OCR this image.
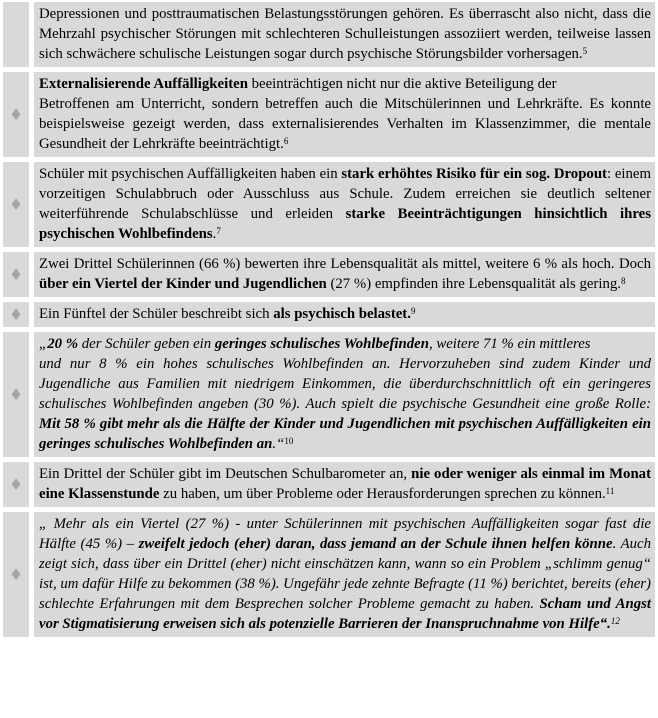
Depressionen und posttraumatischen Belastungsstörungen gehören. Es überrascht also nicht, dass die Mehrzahl psychischer Störungen mit schlechteren Schulleistungen assoziiert werden, teilweise lassen sich schwächere schulische Leistungen sogar durch psychische Störungsbilder vorhersagen.$^5$
♦
Externalisierende Auffälligkeiten beeinträchtigen nicht nur die aktive Beteiligung der
Betroffenen am Unterricht, sondern betreffen auch die Mitschülerinnen und Lehrkräfte. Es konnte beispielsweise gezeigt werden, dass externalisierendes Verhalten im Klassenzimmer, die mentale Gesundheit der Lehrkräfte beeinträchtigt.$^6$
♦
Schüler mit psychischen Auffälligkeiten haben ein stark erhöhtes Risiko für ein sog. Dropout: einem vorzeitigen Schulabbruch oder Ausschluss aus Schule. Zudem erreichen sie deutlich seltener weiterführende Schulabschlüsse und erleiden starke Beeinträchtigungen hinsichtlich ihres psychischen Wohlbefindens.$^7$
♦
Zwei Drittel Schülerinnen (66 %) bewerten ihre Lebensqualität als mittel, weitere 6 % als hoch. Doch über ein Viertel der Kinder und Jugendlichen (27 %) empfinden ihre Lebensqualität als gering.$^8$
♦	Ein Fünftel der Schüler beschreibt sich als psychisch belastet.$^9$
♦
„20 % der Schüler geben ein geringes schulisches Wohlbefinden, weitere 71 % ein mittleres
und nur 8 % ein hohes schulisches Wohlbefinden an. Hervorzuheben sind zudem Kinder und Jugendliche aus Familien mit niedrigem Einkommen, die überdurchschnittlich oft ein geringeres schulisches Wohlbefinden angeben (30 %). Auch spielt die psychische Gesundheit eine große Rolle: Mit 58 % gibt mehr als die Hälfte der Kinder und Jugendlichen mit psychischen Auffälligkeiten ein geringes schulisches Wohlbefinden an.“$^{10}$
♦
Ein Drittel der Schüler gibt im Deutschen Schulbarometer an, nie oder weniger als einmal im Monat eine Klassenstunde zu haben, um über Probleme oder Herausforderungen sprechen zu können.$^{11}$
♦
„ Mehr als ein Viertel (27 %) - unter Schülerinnen mit psychischen Auffälligkeiten sogar fast die Hälfte (45 %) – zweifelt jedoch (eher) daran, dass jemand an der Schule ihnen helfen könne. Auch zeigt sich, dass über ein Drittel (eher) nicht einschätzen kann, wann so ein Problem „schlimm genug“ ist, um dafür Hilfe zu bekommen (38 %). Ungefähr jede zehnte Befragte (11 %) berichtet, bereits (eher) schlechte Erfahrungen mit dem Besprechen solcher Probleme gemacht zu haben. Scham und Angst vor Stigmatisierung erweisen sich als potenzielle Barrieren der Inanspruchnahme von Hilfe“.$^{12}$
